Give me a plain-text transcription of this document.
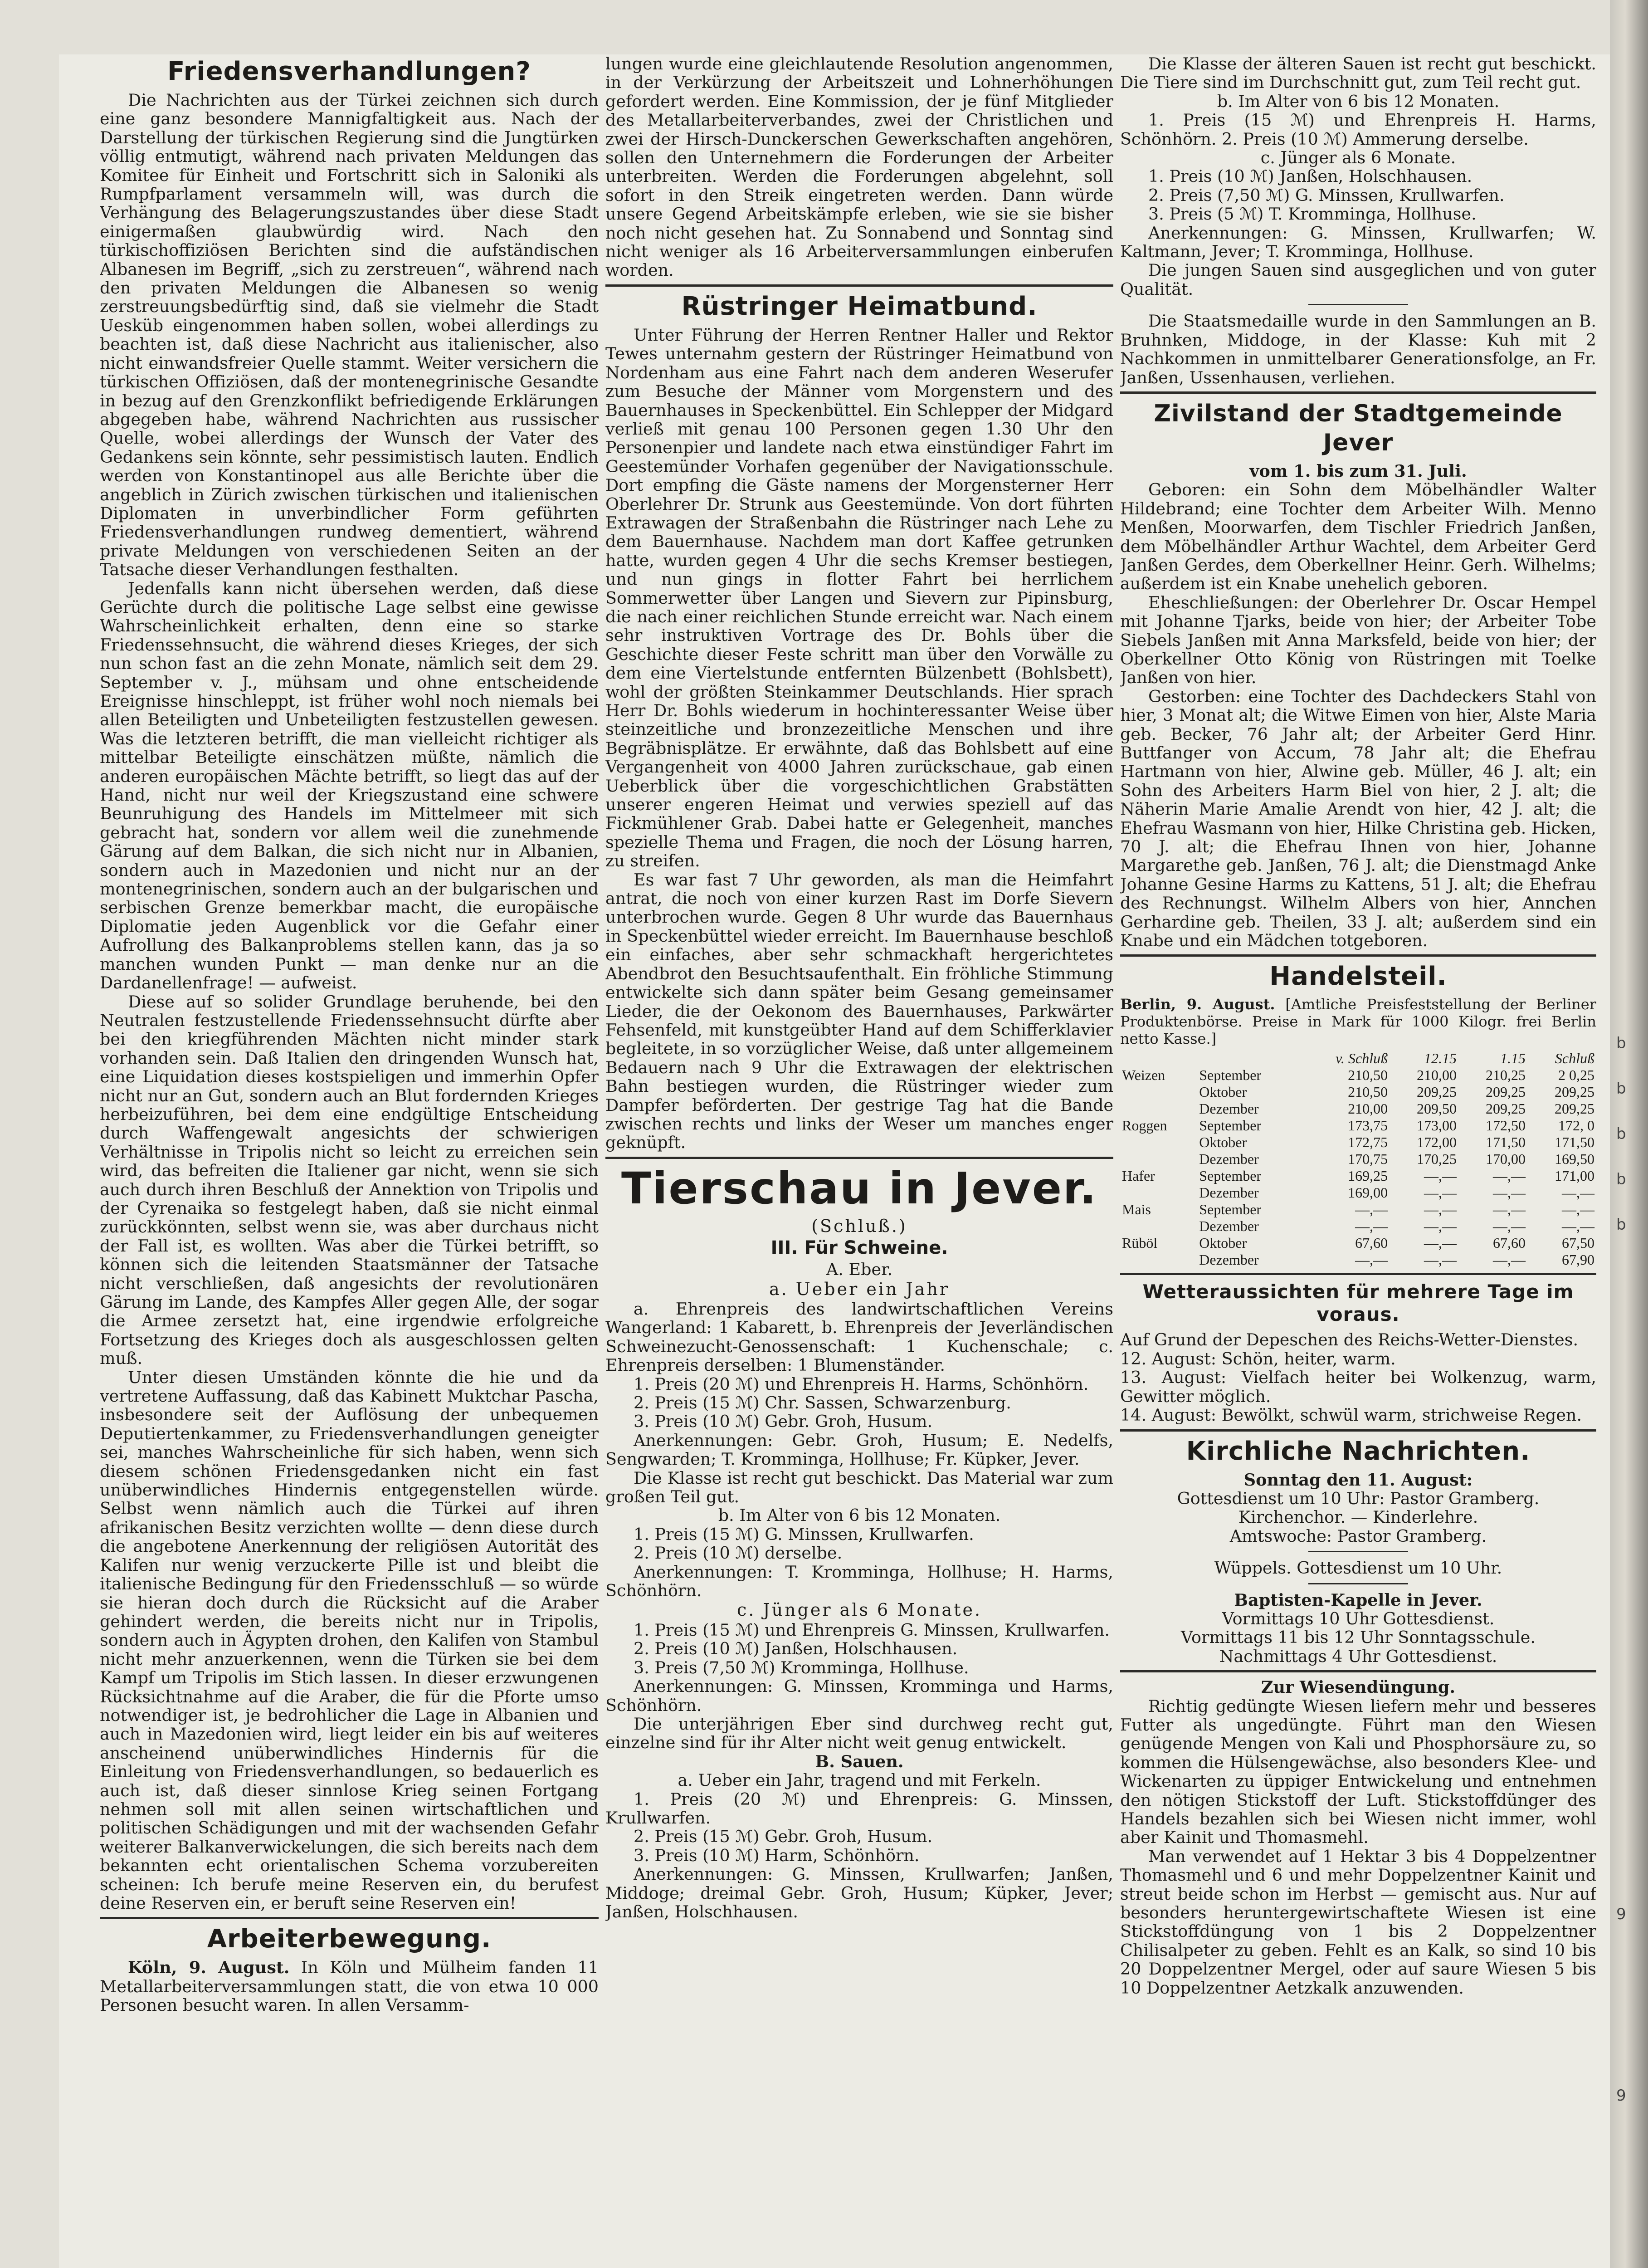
Friedensverhandlungen?

Die Nachrichten aus der Türkei zeichnen sich durch eine ganz besondere Mannigfaltigkeit aus. Nach der Darstellung der türkischen Regierung sind die Jungtürken völlig entmutigt, während nach privaten Meldungen das Komitee für Einheit und Fortschritt sich in Saloniki als Rumpfparlament versammeln will, was durch die Verhängung des Belagerungszustandes über diese Stadt einigermaßen glaubwürdig wird. Nach den türkischoffiziösen Berichten sind die aufständischen Albanesen im Begriff, „sich zu zerstreuen“, während nach den privaten Meldungen die Albanesen so wenig zerstreuungsbedürftig sind, daß sie vielmehr die Stadt Uesküb eingenommen haben sollen, wobei allerdings zu beachten ist, daß diese Nachricht aus italienischer, also nicht einwandsfreier Quelle stammt. Weiter versichern die türkischen Offiziösen, daß der montenegrinische Gesandte in bezug auf den Grenzkonflikt befriedigende Erklärungen abgegeben habe, während Nachrichten aus russischer Quelle, wobei allerdings der Wunsch der Vater des Gedankens sein könnte, sehr pessimistisch lauten. Endlich werden von Konstantinopel aus alle Berichte über die angeblich in Zürich zwischen türkischen und italienischen Diplomaten in unverbindlicher Form geführten Friedensverhandlungen rundweg dementiert, während private Meldungen von verschiedenen Seiten an der Tatsache dieser Verhandlungen festhalten.

Jedenfalls kann nicht übersehen werden, daß diese Gerüchte durch die politische Lage selbst eine gewisse Wahrscheinlichkeit erhalten, denn eine so starke Friedenssehnsucht, die während dieses Krieges, der sich nun schon fast an die zehn Monate, nämlich seit dem 29. September v. J., mühsam und ohne entscheidende Ereignisse hinschleppt, ist früher wohl noch niemals bei allen Beteiligten und Unbeteiligten festzustellen gewesen. Was die letzteren betrifft, die man vielleicht richtiger als mittelbar Beteiligte einschätzen müßte, nämlich die anderen europäischen Mächte betrifft, so liegt das auf der Hand, nicht nur weil der Kriegszustand eine schwere Beunruhigung des Handels im Mittelmeer mit sich gebracht hat, sondern vor allem weil die zunehmende Gärung auf dem Balkan, die sich nicht nur in Albanien, sondern auch in Mazedonien und nicht nur an der montenegrinischen, sondern auch an der bulgarischen und serbischen Grenze bemerkbar macht, die europäische Diplomatie jeden Augenblick vor die Gefahr einer Aufrollung des Balkanproblems stellen kann, das ja so manchen wunden Punkt — man denke nur an die Dardanellenfrage! — aufweist.

Diese auf so solider Grundlage beruhende, bei den Neutralen festzustellende Friedenssehnsucht dürfte aber bei den kriegführenden Mächten nicht minder stark vorhanden sein. Daß Italien den dringenden Wunsch hat, eine Liquidation dieses kostspieligen und immerhin Opfer nicht nur an Gut, sondern auch an Blut fordernden Krieges herbeizuführen, bei dem eine endgültige Entscheidung durch Waffengewalt angesichts der schwierigen Verhältnisse in Tripolis nicht so leicht zu erreichen sein wird, das befreiten die Italiener gar nicht, wenn sie sich auch durch ihren Beschluß der Annektion von Tripolis und der Cyrenaika so festgelegt haben, daß sie nicht einmal zurückkönnten, selbst wenn sie, was aber durchaus nicht der Fall ist, es wollten. Was aber die Türkei betrifft, so können sich die leitenden Staatsmänner der Tatsache nicht verschließen, daß angesichts der revolutionären Gärung im Lande, des Kampfes Aller gegen Alle, der sogar die Armee zersetzt hat, eine irgendwie erfolgreiche Fortsetzung des Krieges doch als ausgeschlossen gelten muß.

Unter diesen Umständen könnte die hie und da vertretene Auffassung, daß das Kabinett Muktchar Pascha, insbesondere seit der Auflösung der unbequemen Deputiertenkammer, zu Friedensverhandlungen geneigter sei, manches Wahrscheinliche für sich haben, wenn sich diesem schönen Friedensgedanken nicht ein fast unüberwindliches Hindernis entgegenstellen würde. Selbst wenn nämlich auch die Türkei auf ihren afrikanischen Besitz verzichten wollte — denn diese durch die angebotene Anerkennung der religiösen Autorität des Kalifen nur wenig verzuckerte Pille ist und bleibt die italienische Bedingung für den Friedensschluß — so würde sie hieran doch durch die Rücksicht auf die Araber gehindert werden, die bereits nicht nur in Tripolis, sondern auch in Ägypten drohen, den Kalifen von Stambul nicht mehr anzuerkennen, wenn die Türken sie bei dem Kampf um Tripolis im Stich lassen. In dieser erzwungenen Rücksichtnahme auf die Araber, die für die Pforte umso notwendiger ist, je bedrohlicher die Lage in Albanien und auch in Mazedonien wird, liegt leider ein bis auf weiteres anscheinend unüberwindliches Hindernis für die Einleitung von Friedensverhandlungen, so bedauerlich es auch ist, daß dieser sinnlose Krieg seinen Fortgang nehmen soll mit allen seinen wirtschaftlichen und politischen Schädigungen und mit der wachsenden Gefahr weiterer Balkanverwickelungen, die sich bereits nach dem bekannten echt orientalischen Schema vorzubereiten scheinen: Ich berufe meine Reserven ein, du berufest deine Reserven ein, er beruft seine Reserven ein!

Arbeiterbewegung.

Köln, 9. August. In Köln und Mülheim fanden 11 Metallarbeiterversammlungen statt, die von etwa 10 000 Personen besucht waren. In allen Versamm-

lungen wurde eine gleichlautende Resolution angenommen, in der Verkürzung der Arbeitszeit und Lohnerhöhungen gefordert werden. Eine Kommission, der je fünf Mitglieder des Metallarbeiterverbandes, zwei der Christlichen und zwei der Hirsch-Dunckerschen Gewerkschaften angehören, sollen den Unternehmern die Forderungen der Arbeiter unterbreiten. Werden die Forderungen abgelehnt, soll sofort in den Streik eingetreten werden. Dann würde unsere Gegend Arbeitskämpfe erleben, wie sie sie bisher noch nicht gesehen hat. Zu Sonnabend und Sonntag sind nicht weniger als 16 Arbeiterversammlungen einberufen worden.

Rüstringer Heimatbund.

Unter Führung der Herren Rentner Haller und Rektor Tewes unternahm gestern der Rüstringer Heimatbund von Nordenham aus eine Fahrt nach dem anderen Weserufer zum Besuche der Männer vom Morgenstern und des Bauernhauses in Speckenbüttel. Ein Schlepper der Midgard verließ mit genau 100 Personen gegen 1.30 Uhr den Personenpier und landete nach etwa einstündiger Fahrt im Geestemünder Vorhafen gegenüber der Navigationsschule. Dort empfing die Gäste namens der Morgensterner Herr Oberlehrer Dr. Strunk aus Geestemünde. Von dort führten Extrawagen der Straßenbahn die Rüstringer nach Lehe zu dem Bauernhause. Nachdem man dort Kaffee getrunken hatte, wurden gegen 4 Uhr die sechs Kremser bestiegen, und nun gings in flotter Fahrt bei herrlichem Sommerwetter über Langen und Sievern zur Pipinsburg, die nach einer reichlichen Stunde erreicht war. Nach einem sehr instruktiven Vortrage des Dr. Bohls über die Geschichte dieser Feste schritt man über den Vorwälle zu dem eine Viertelstunde entfernten Bülzenbett (Bohlsbett), wohl der größten Steinkammer Deutschlands. Hier sprach Herr Dr. Bohls wiederum in hochinteressanter Weise über steinzeitliche und bronzezeitliche Menschen und ihre Begräbnisplätze. Er erwähnte, daß das Bohlsbett auf eine Vergangenheit von 4000 Jahren zurückschaue, gab einen Ueberblick über die vorgeschichtlichen Grabstätten unserer engeren Heimat und verwies speziell auf das Fickmühlener Grab. Dabei hatte er Gelegenheit, manches spezielle Thema und Fragen, die noch der Lösung harren, zu streifen.

Es war fast 7 Uhr geworden, als man die Heimfahrt antrat, die noch von einer kurzen Rast im Dorfe Sievern unterbrochen wurde. Gegen 8 Uhr wurde das Bauernhaus in Speckenbüttel wieder erreicht. Im Bauernhause beschloß ein einfaches, aber sehr schmackhaft hergerichtetes Abendbrot den Besuchtsaufenthalt. Ein fröhliche Stimmung entwickelte sich dann später beim Gesang gemeinsamer Lieder, die der Oekonom des Bauernhauses, Parkwärter Fehsenfeld, mit kunstgeübter Hand auf dem Schifferklavier begleitete, in so vorzüglicher Weise, daß unter allgemeinem Bedauern nach 9 Uhr die Extrawagen der elektrischen Bahn bestiegen wurden, die Rüstringer wieder zum Dampfer beförderten. Der gestrige Tag hat die Bande zwischen rechts und links der Weser um manches enger geknüpft.

Tierschau in Jever.
(Schluß.)
III. Für Schweine.
A. Eber.
a. Ueber ein Jahr

a. Ehrenpreis des landwirtschaftlichen Vereins Wangerland: 1 Kabarett, b. Ehrenpreis der Jeverländischen Schweinezucht-Genossenschaft: 1 Kuchenschale; c. Ehrenpreis derselben: 1 Blumenständer.

1. Preis (20 ℳ) und Ehrenpreis H. Harms, Schönhörn.

2. Preis (15 ℳ) Chr. Sassen, Schwarzenburg.

3. Preis (10 ℳ) Gebr. Groh, Husum.

Anerkennungen: Gebr. Groh, Husum; E. Nedelfs, Sengwarden; T. Kromminga, Hollhuse; Fr. Küpker, Jever.

Die Klasse ist recht gut beschickt. Das Material war zum großen Teil gut.

b. Im Alter von 6 bis 12 Monaten.

1. Preis (15 ℳ) G. Minssen, Krullwarfen.

2. Preis (10 ℳ) derselbe.

Anerkennungen: T. Kromminga, Hollhuse; H. Harms, Schönhörn.

c. Jünger als 6 Monate.

1. Preis (15 ℳ) und Ehrenpreis G. Minssen, Krullwarfen.

2. Preis (10 ℳ) Janßen, Holschhausen.

3. Preis (7,50 ℳ) Kromminga, Hollhuse.

Anerkennungen: G. Minssen, Kromminga und Harms, Schönhörn.

Die unterjährigen Eber sind durchweg recht gut, einzelne sind für ihr Alter nicht weit genug entwickelt.

B. Sauen.
a. Ueber ein Jahr, tragend und mit Ferkeln.

1. Preis (20 ℳ) und Ehrenpreis: G. Minssen, Krullwarfen.

2. Preis (15 ℳ) Gebr. Groh, Husum.

3. Preis (10 ℳ) Harm, Schönhörn.

Anerkennungen: G. Minssen, Krullwarfen; Janßen, Middoge; dreimal Gebr. Groh, Husum; Küpker, Jever; Janßen, Holschhausen.

Die Klasse der älteren Sauen ist recht gut beschickt. Die Tiere sind im Durchschnitt gut, zum Teil recht gut.

b. Im Alter von 6 bis 12 Monaten.

1. Preis (15 ℳ) und Ehrenpreis H. Harms, Schönhörn. 2. Preis (10 ℳ) Ammerung derselbe.

c. Jünger als 6 Monate.

1. Preis (10 ℳ) Janßen, Holschhausen.

2. Preis (7,50 ℳ) G. Minssen, Krullwarfen.

3. Preis (5 ℳ) T. Kromminga, Hollhuse.

Anerkennungen: G. Minssen, Krullwarfen; W. Kaltmann, Jever; T. Kromminga, Hollhuse.

Die jungen Sauen sind ausgeglichen und von guter Qualität.

Die Staatsmedaille wurde in den Sammlungen an B. Bruhnken, Middoge, in der Klasse: Kuh mit 2 Nachkommen in unmittelbarer Generationsfolge, an Fr. Janßen, Ussenhausen, verliehen.

Zivilstand der Stadtgemeinde Jever
vom 1. bis zum 31. Juli.

Geboren: ein Sohn dem Möbelhändler Walter Hildebrand; eine Tochter dem Arbeiter Wilh. Menno Menßen, Moorwarfen, dem Tischler Friedrich Janßen, dem Möbelhändler Arthur Wachtel, dem Arbeiter Gerd Janßen Gerdes, dem Oberkellner Heinr. Gerh. Wilhelms; außerdem ist ein Knabe unehelich geboren.

Eheschließungen: der Oberlehrer Dr. Oscar Hempel mit Johanne Tjarks, beide von hier; der Arbeiter Tobe Siebels Janßen mit Anna Marksfeld, beide von hier; der Oberkellner Otto König von Rüstringen mit Toelke Janßen von hier.

Gestorben: eine Tochter des Dachdeckers Stahl von hier, 3 Monat alt; die Witwe Eimen von hier, Alste Maria geb. Becker, 76 Jahr alt; der Arbeiter Gerd Hinr. Buttfanger von Accum, 78 Jahr alt; die Ehefrau Hartmann von hier, Alwine geb. Müller, 46 J. alt; ein Sohn des Arbeiters Harm Biel von hier, 2 J. alt; die Näherin Marie Amalie Arendt von hier, 42 J. alt; die Ehefrau Wasmann von hier, Hilke Christina geb. Hicken, 70 J. alt; die Ehefrau Ihnen von hier, Johanne Margarethe geb. Janßen, 76 J. alt; die Dienstmagd Anke Johanne Gesine Harms zu Kattens, 51 J. alt; die Ehefrau des Rechnungst. Wilhelm Albers von hier, Annchen Gerhardine geb. Theilen, 33 J. alt; außerdem sind ein Knabe und ein Mädchen totgeboren.

Handelsteil.

Berlin, 9. August. [Amtliche Preisfeststellung der Berliner Produktenbörse. Preise in Mark für 1000 Kilogr. frei Berlin netto Kasse.]

		v. Schluß	12.15	1.15	Schluß
Weizen	September	210,50	210,00	210,25	2 0,25
	Oktober	210,50	209,25	209,25	209,25
	Dezember	210,00	209,50	209,25	209,25
Roggen	September	173,75	173,00	172,50	172, 0
	Oktober	172,75	172,00	171,50	171,50
	Dezember	170,75	170,25	170,00	169,50
Hafer	September	169,25	—,—	—,—	171,00
	Dezember	169,00	—,—	—,—	—,—
Mais	September	—,—	—,—	—,—	—,—
	Dezember	—,—	—,—	—,—	—,—
Rüböl	Oktober	67,60	—,—	67,60	67,50
	Dezember	—,—	—,—	—,—	67,90
Wetteraussichten für mehrere Tage im voraus.

Auf Grund der Depeschen des Reichs-Wetter-Dienstes.

12. August: Schön, heiter, warm.

13. August: Vielfach heiter bei Wolkenzug, warm, Gewitter möglich.

14. August: Bewölkt, schwül warm, strichweise Regen.

Kirchliche Nachrichten.
Sonntag den 11. August:
Gottesdienst um 10 Uhr: Pastor Gramberg.
Kirchenchor. — Kinderlehre.
Amtswoche: Pastor Gramberg.
Wüppels. Gottesdienst um 10 Uhr.
Baptisten-Kapelle in Jever.
Vormittags 10 Uhr Gottesdienst.
Vormittags 11 bis 12 Uhr Sonntagsschule.
Nachmittags 4 Uhr Gottesdienst.
Zur Wiesendüngung.

Richtig gedüngte Wiesen liefern mehr und besseres Futter als ungedüngte. Führt man den Wiesen genügende Mengen von Kali und Phosphorsäure zu, so kommen die Hülsengewächse, also besonders Klee- und Wickenarten zu üppiger Entwickelung und entnehmen den nötigen Stickstoff der Luft. Stickstoffdünger des Handels bezahlen sich bei Wiesen nicht immer, wohl aber Kainit und Thomasmehl.

Man verwendet auf 1 Hektar 3 bis 4 Doppelzentner Thomasmehl und 6 und mehr Doppelzentner Kainit und streut beide schon im Herbst — gemischt aus. Nur auf besonders heruntergewirtschaftete Wiesen ist eine Stickstoffdüngung von 1 bis 2 Doppelzentner Chilisalpeter zu geben. Fehlt es an Kalk, so sind 10 bis 20 Doppelzentner Mergel, oder auf saure Wiesen 5 bis 10 Doppelzentner Aetzkalk anzuwenden.

b
b
b
b
b
9
9
